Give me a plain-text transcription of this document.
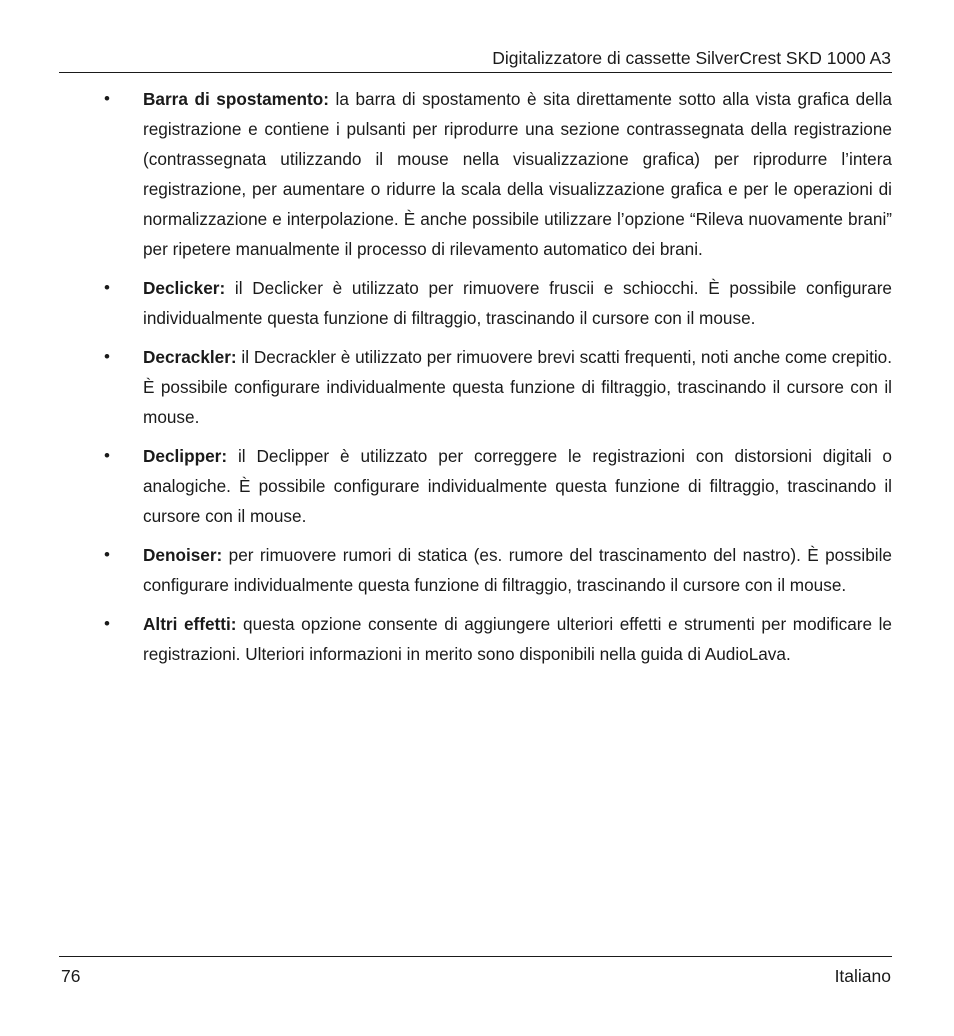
Digitalizzatore di cassette SilverCrest SKD 1000 A3
• Barra di spostamento: la barra di spostamento è sita direttamente sotto alla vista grafica della registrazione e contiene i pulsanti per riprodurre una sezione contrassegnata della registrazione (contrassegnata utilizzando il mouse nella visualizzazione grafica) per riprodurre l’intera registrazione, per aumentare o ridurre la scala della visualizzazione grafica e per le operazioni di normalizzazione e interpolazione. È anche possibile utilizzare l’opzione “Rileva nuovamente brani” per ripetere manualmente il processo di rilevamento automatico dei brani.
• Declicker: il Declicker è utilizzato per rimuovere fruscii e schiocchi. È possibile configurare individualmente questa funzione di filtraggio, trascinando il cursore con il mouse.
• Decrackler: il Decrackler è utilizzato per rimuovere brevi scatti frequenti, noti anche come crepitio. È possibile configurare individualmente questa funzione di filtraggio, trascinando il cursore con il mouse.
• Declipper: il Declipper è utilizzato per correggere le registrazioni con distorsioni digitali o analogiche. È possibile configurare individualmente questa funzione di filtraggio, trascinando il cursore con il mouse.
• Denoiser: per rimuovere rumori di statica (es. rumore del trascinamento del nastro). È possibile configurare individualmente questa funzione di filtraggio, trascinando il cursore con il mouse.
• Altri effetti: questa opzione consente di aggiungere ulteriori effetti e strumenti per modificare le registrazioni. Ulteriori informazioni in merito sono disponibili nella guida di AudioLava.
76	Italiano
